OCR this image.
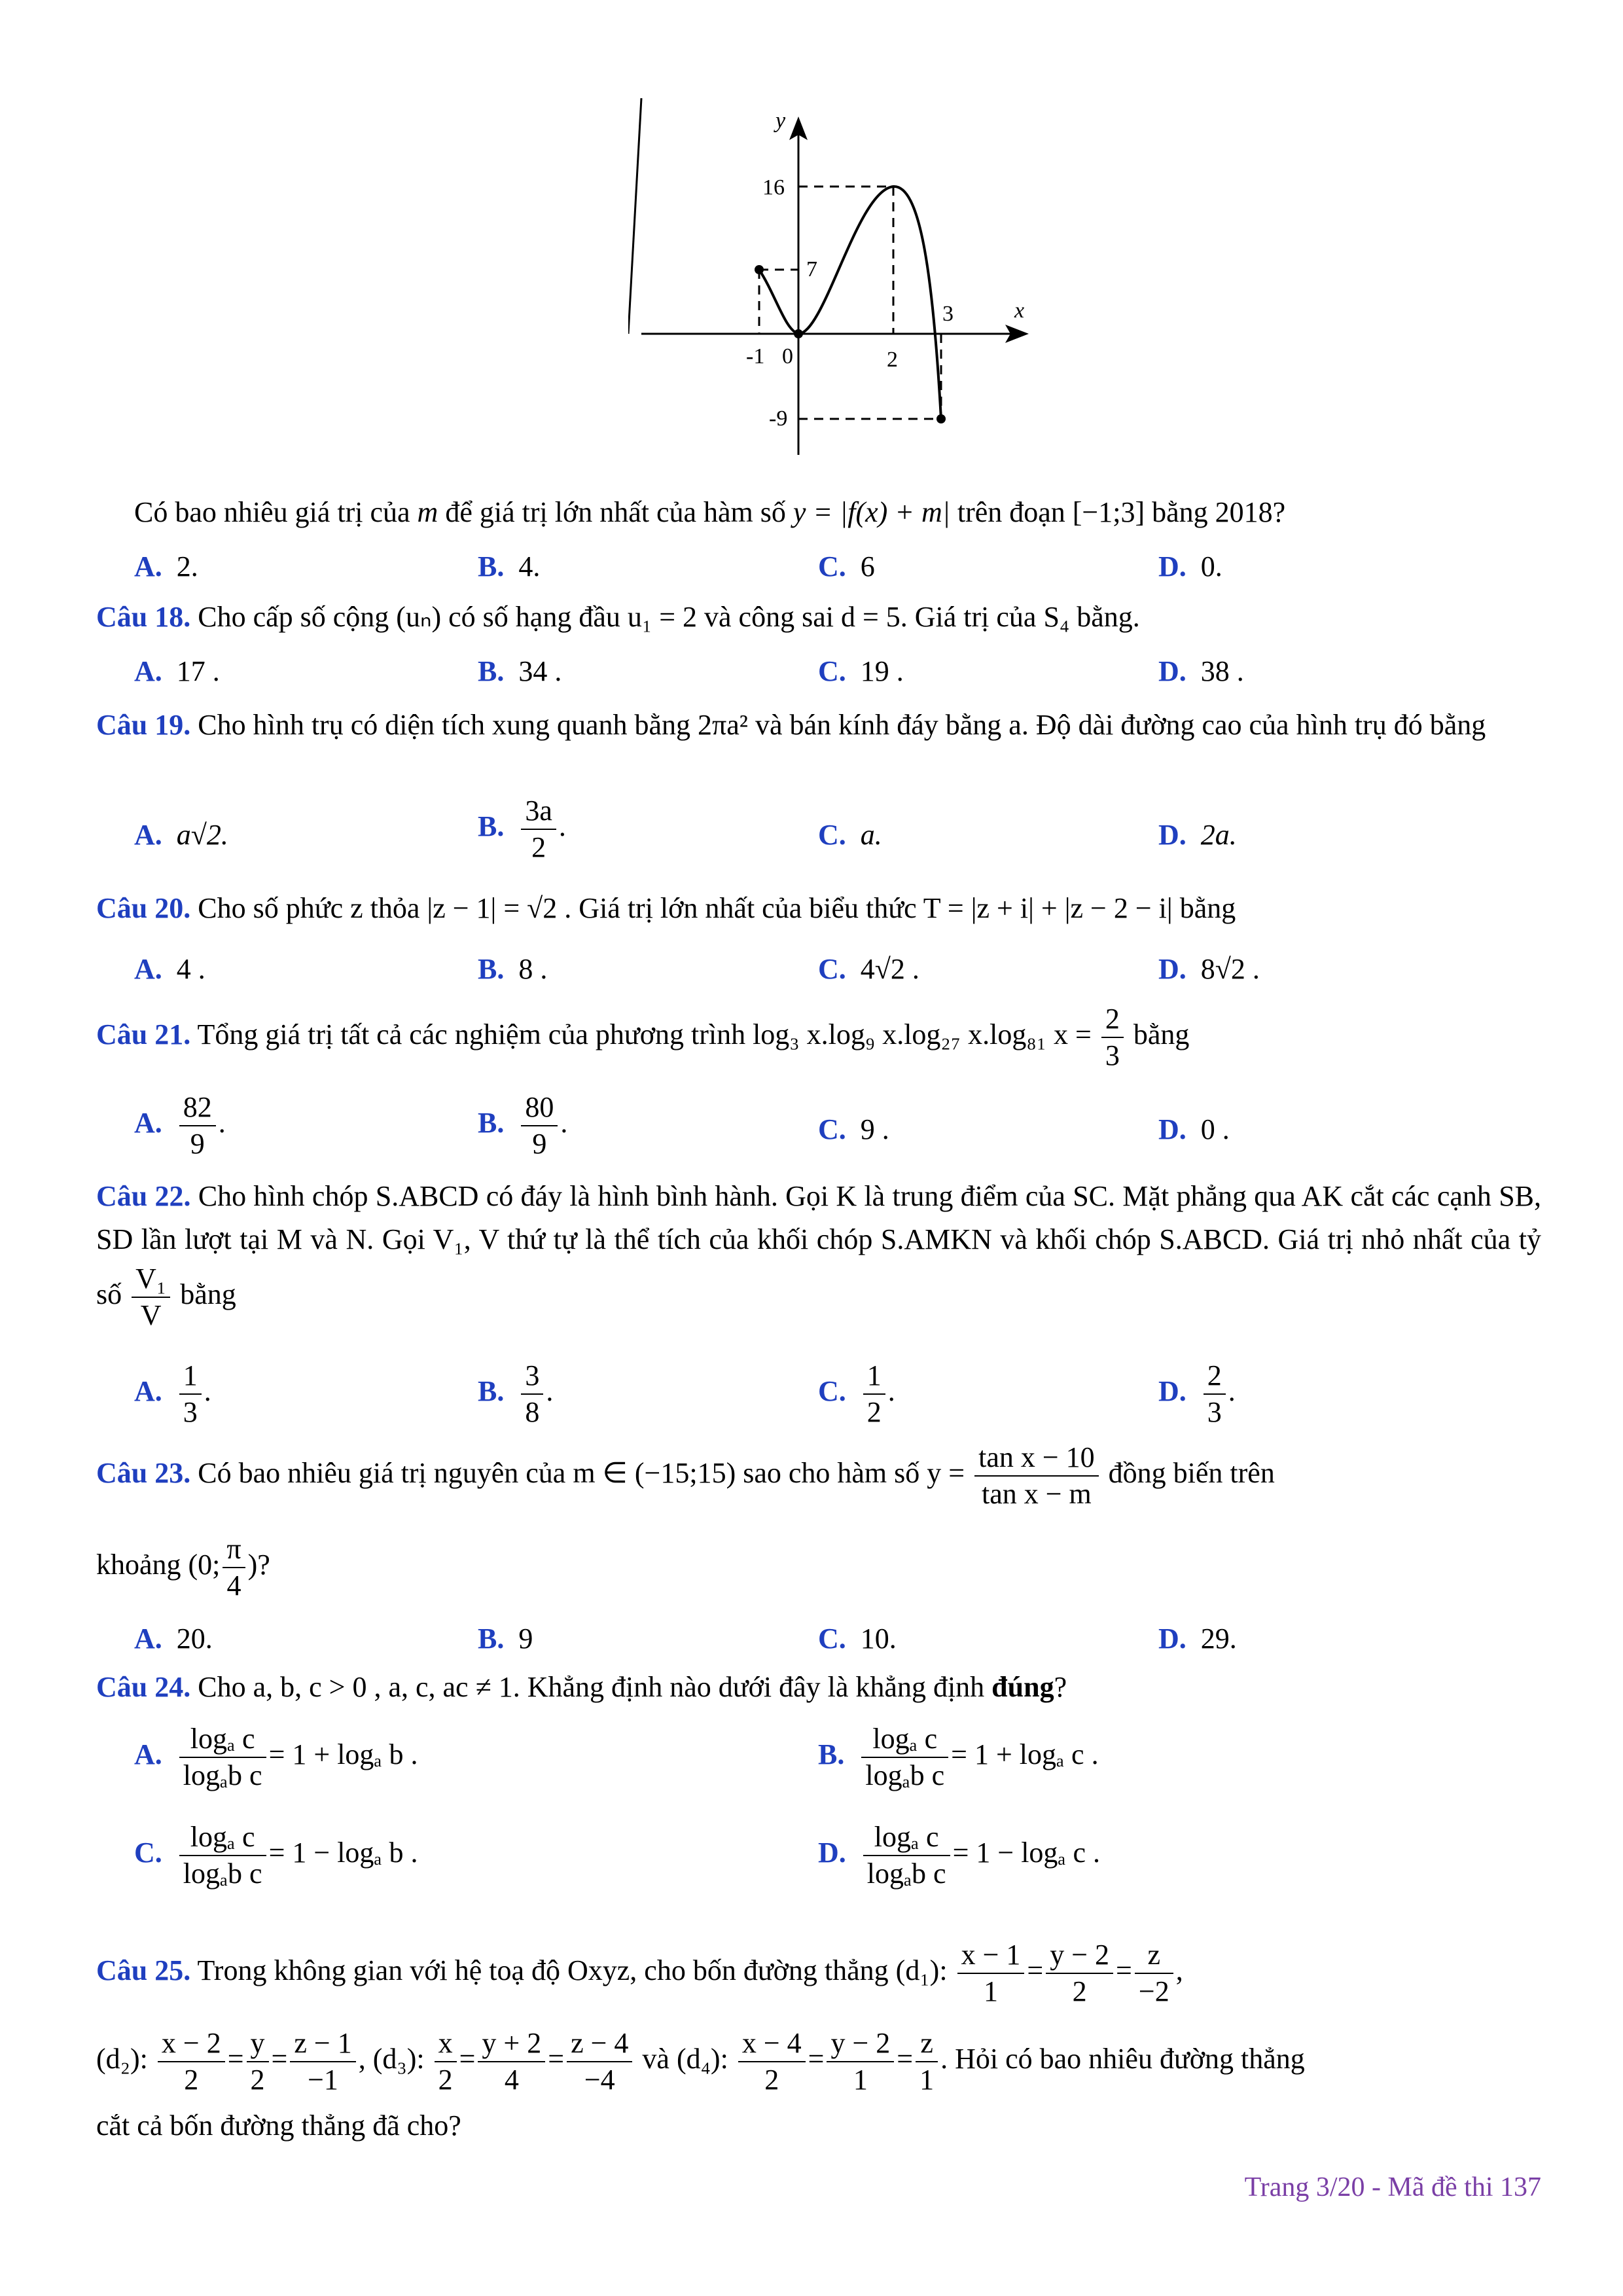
y
x
16
7
-9
-1 0	2
3
Có bao nhiêu giá trị của m để giá trị lớn nhất của hàm số y = |f(x) + m| trên đoạn [−1;3] bằng 2018?
A. 2.	B. 4.	C. 6	D. 0.
Câu 18. Cho cấp số cộng (uₙ) có số hạng đầu u₁ = 2 và công sai d = 5. Giá trị của S₄ bằng.
A. 17 .	B. 34 .	C. 19 .	D. 38 .
Câu 19. Cho hình trụ có diện tích xung quanh bằng 2πa² và bán kính đáy bằng a. Độ dài đường cao của hình trụ đó bằng
A. a√2.	B. $\frac{3a}{2}$ .	C. a.	D. 2a.
Câu 20. Cho số phức z thỏa |z − 1| = √2 . Giá trị lớn nhất của biểu thức T = |z + i| + |z − 2 − i| bằng
A. 4 .	B. 8 .	C. 4√2 .	D. 8√2 .
Câu 21. Tổng giá trị tất cả các nghiệm của phương trình log₃ x.log₉ x.log₂₇ x.log₈₁ $x = \frac{2}{3}$ bằng
A. $\frac{82}{9}$ .	B. $\frac{80}{9}$ .	C. 9 .	D. 0 .
Câu 22. Cho hình chóp S.ABCD có đáy là hình bình hành. Gọi K là trung điểm của SC. Mặt phẳng qua AK cắt các cạnh SB, SD lần lượt tại M và N. Gọi V₁, V thứ tự là thể tích của khối chóp S.AMKN và khối chóp S.ABCD. Giá trị nhỏ nhất của tỷ số $\frac{\text{V₁}}{V}$ bằng
A. $\frac{1}{3}$ .	B. $\frac{3}{8}$ .	C. $\frac{1}{2}$ .	D. $\frac{2}{3}$ .
Câu 23. Có bao nhiêu giá trị nguyên của m ∈ (−15;15) sao cho hàm số $y = \frac{\text{tan x − 10}}{\text{tan x − m}}$ đồng biến trên
khoảng (0; $\frac{\pi}{4}$ )?
A. 20.	B. 9	C. 10.	D. 29.
Câu 24. Cho a, b, c > 0 , a, c, ac ≠ 1. Khẳng định nào dưới đây là khẳng định đúng?
A. $\frac{\text{logₐ c}}{\text{logₐb c}} = 1 + \log_a$ b .	B. $\frac{\text{logₐ c}}{\text{logₐb c}} = 1 + \log_a$ c .
C. $\frac{\text{logₐ c}}{\text{logₐb c}} = 1 - \log_a$ b .	D. $\frac{\text{logₐ c}}{\text{logₐb c}} = 1 - \log_a$ c .
Câu 25. Trong không gian với hệ toạ độ Oxyz, cho bốn đường thẳng (d₁): $\frac{x - 1}{1} = \frac{y - 2}{2} = \frac{z}{-2}$ ,
(d₂): $\frac{x - 2}{2} = \frac{y}{2} = \frac{z - 1}{-1}$ , (d₃): $\frac{x}{2} = \frac{y + 2}{4} = \frac{z - 4}{-4}$ và (d₄): $\frac{x - 4}{2} = \frac{y - 2}{1} = \frac{z}{1}$ . Hỏi có bao nhiêu đường thẳng
cắt cả bốn đường thẳng đã cho?
Trang 3/20 - Mã đề thi 137
